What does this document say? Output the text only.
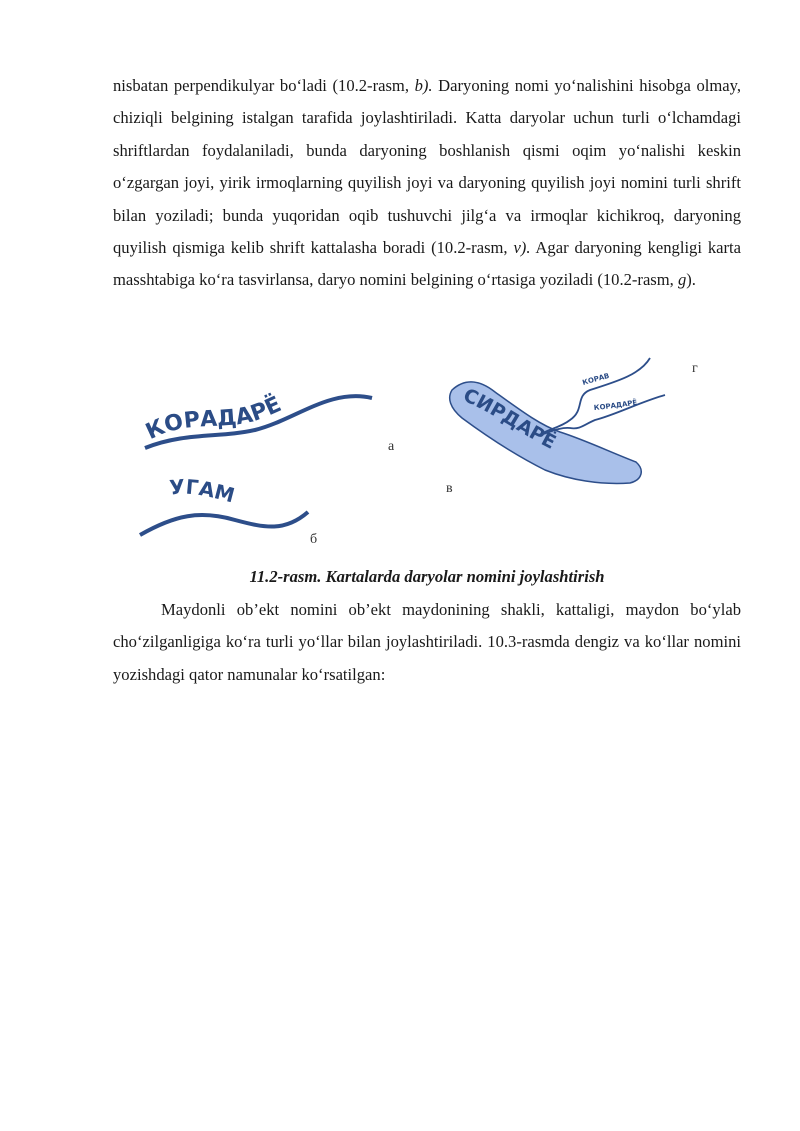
nisbatan perpendikulyar bo‘ladi (10.2-rasm, b). Daryoning nomi yo‘nalishini hisobga olmay, chiziqli belgining istalgan tarafida joylashtiriladi. Katta daryolar uchun turli o‘lchamdagi shriftlardan foydalaniladi, bunda daryoning boshlanish qismi oqim yo‘nalishi keskin o‘zgargan joyi, yirik irmoqlarning quyilish joyi va daryoning quyilish joyi nomini turli shrift bilan yoziladi; bunda yuqoridan oqib tushuvchi jilg‘a va irmoqlar kichikroq, daryoning quyilish qismiga kelib shrift kattalasha boradi (10.2-rasm, v). Agar daryoning kengligi karta masshtabiga ko‘ra tasvirlansa, daryo nomini belgining o‘rtasiga yoziladi (10.2-rasm, g).

КОРАДАРЁ
а
УГАМ
б
СИРДАРЁ
в
КОРАВ
КОРАДАРЁ
г

11.2-rasm. Kartalarda daryolar nomini joylashtirish

Maydonli ob’ekt nomini ob’ekt maydonining shakli, kattaligi, maydon bo‘ylab cho‘zilganligiga ko‘ra turli yo‘llar bilan joylashtiriladi. 10.3-rasmda dengiz va ko‘llar nomini yozishdagi qator namunalar ko‘rsatilgan:
